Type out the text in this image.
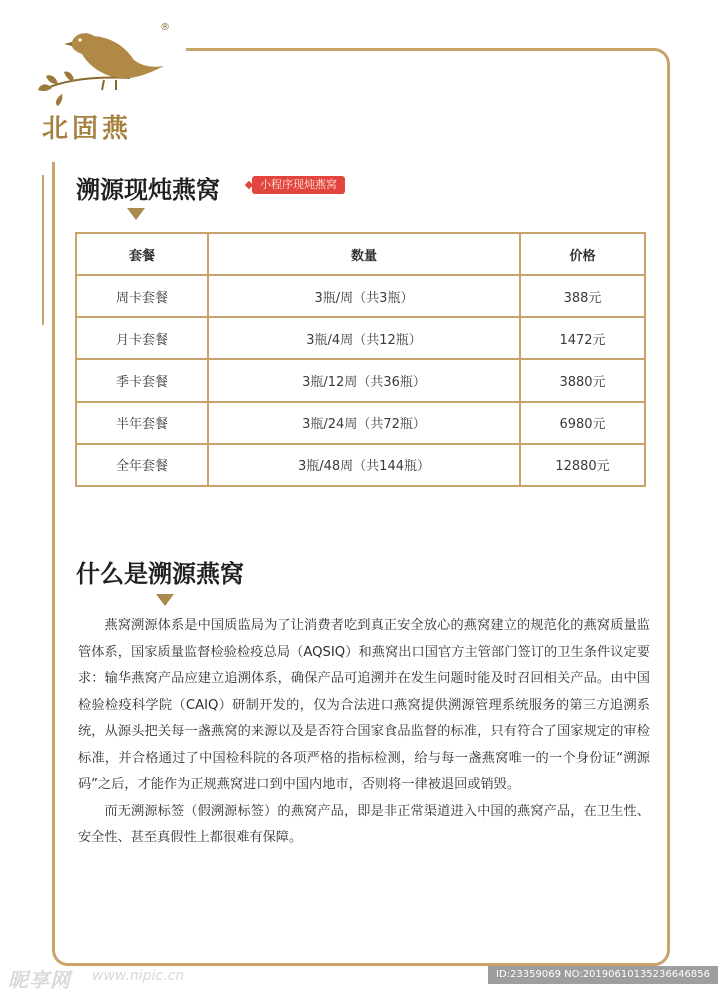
®
北固燕
溯源现炖燕窝	小程序现炖燕窝
套餐	数量	价格
周卡套餐	3瓶/周（共3瓶）	388元
月卡套餐	3瓶/4周（共12瓶）	1472元
季卡套餐	3瓶/12周（共36瓶）	3880元
半年套餐	3瓶/24周（共72瓶）	6980元
全年套餐	3瓶/48周（共144瓶）	12880元
什么是溯源燕窝

燕窝溯源体系是中国质监局为了让消费者吃到真正安全放心的燕窝建立的规范化的燕窝质量监管体系，国家质量监督检验检疫总局（AQSIQ）和燕窝出口国官方主管部门签订的卫生条件议定要求：输华燕窝产品应建立追溯体系，确保产品可追溯并在发生问题时能及时召回相关产品。由中国检验检疫科学院（CAIQ）研制开发的，仅为合法进口燕窝提供溯源管理系统服务的第三方追溯系统，从源头把关每一盏燕窝的来源以及是否符合国家食品监督的标准，只有符合了国家规定的审检标准，并合格通过了中国检科院的各项严格的指标检测，给与每一盏燕窝唯一的一个身份证“溯源码”之后，才能作为正规燕窝进口到中国内地市，否则将一律被退回或销毁。

而无溯源标签（假溯源标签）的燕窝产品，即是非正常渠道进入中国的燕窝产品，在卫生性、安全性、甚至真假性上都很难有保障。

昵享网 www.nipic.cn	ID:23359069 NO:20190610135236646856
